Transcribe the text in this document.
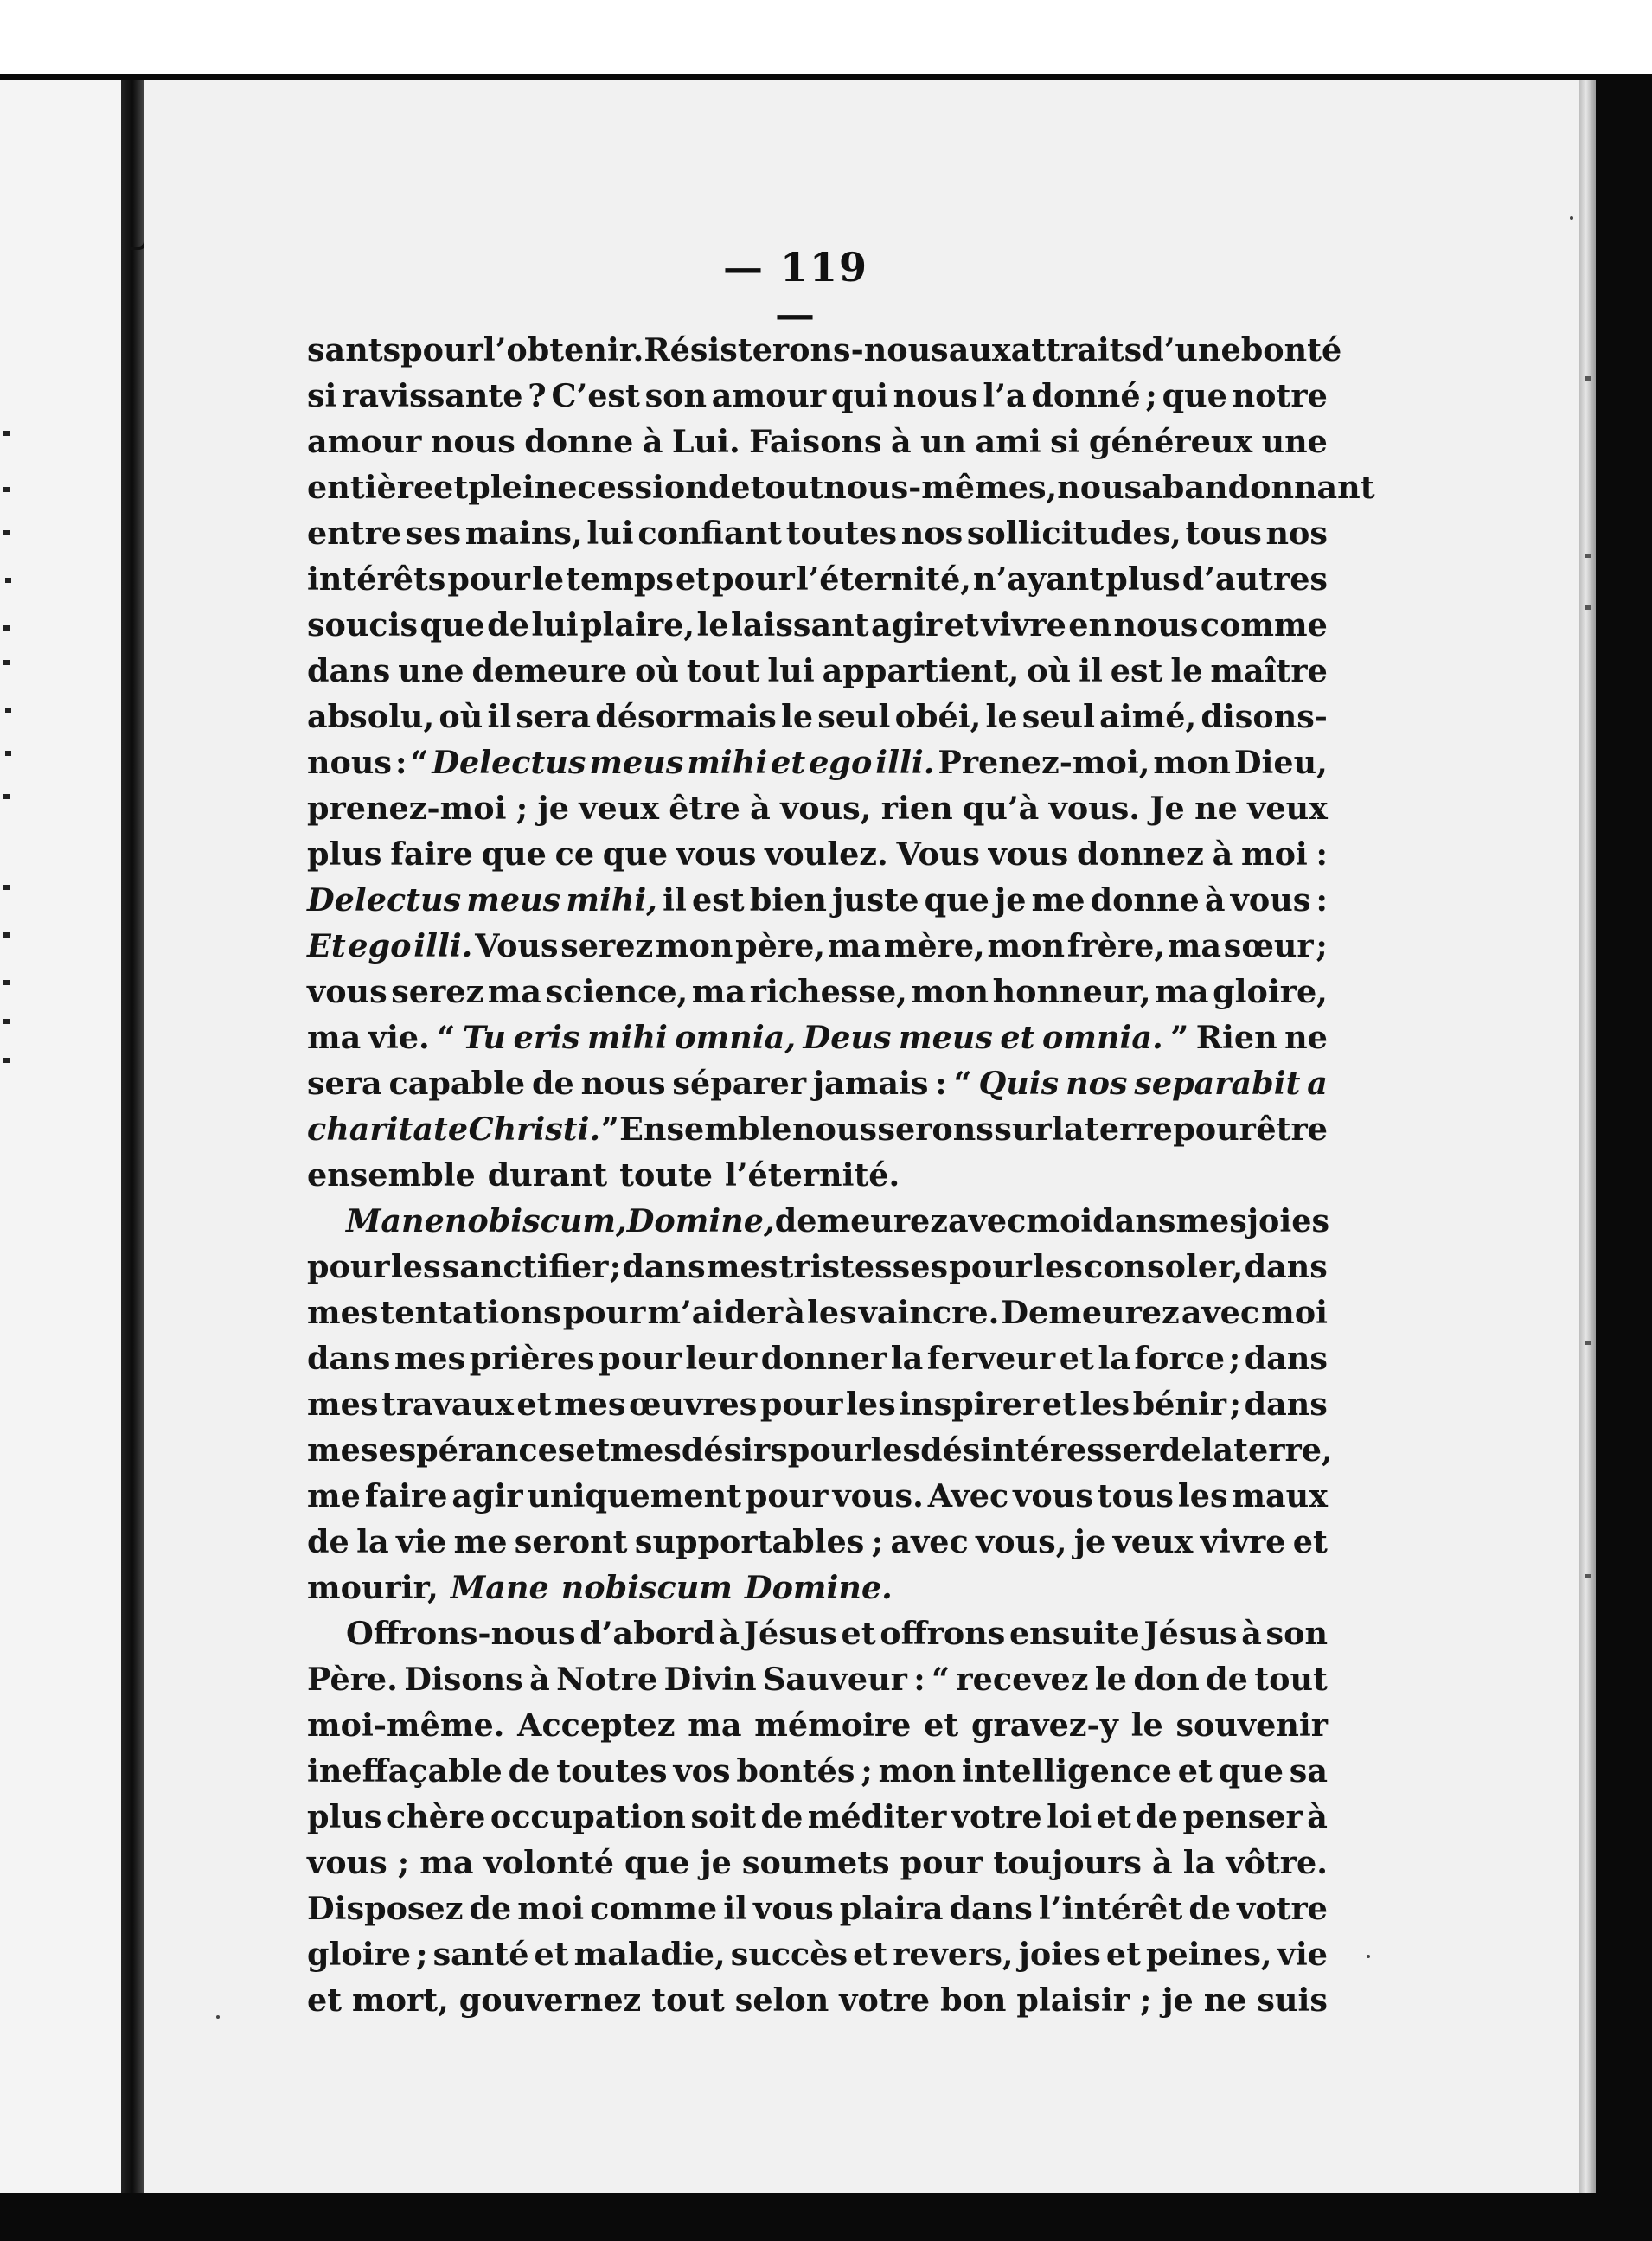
— 119 —
sants pour l’obtenir. Résisterons-nous aux attraits d’une bonté
si ravissante ? C’est son amour qui nous l’a donné ; que notre
amour nous donne à Lui. Faisons à un ami si généreux une
entière et pleine cession de tout nous-mêmes, nous abandonnant
entre ses mains, lui confiant toutes nos sollicitudes, tous nos
intérêts pour le temps et pour l’éternité, n’ayant plus d’autres
soucis que de lui plaire, le laissant agir et vivre en nous comme
dans une demeure où tout lui appartient, où il est le maître
absolu, où il sera désormais le seul obéi, le seul aimé, disons-
nous : “ Delectus meus mihi et ego illi. Prenez-moi, mon Dieu,
prenez-moi ; je veux être à vous, rien qu’à vous. Je ne veux
plus faire que ce que vous voulez. Vous vous donnez à moi :
Delectus meus mihi, il est bien juste que je me donne à vous :
Et ego illi. Vous serez mon père, ma mère, mon frère, ma sœur ;
vous serez ma science, ma richesse, mon honneur, ma gloire,
ma vie. “ Tu eris mihi omnia, Deus meus et omnia. ” Rien ne
sera capable de nous séparer jamais : “ Quis nos separabit a
charitate Christi. ” Ensemble nous serons sur la terre pour être
ensemble durant toute l’éternité.
Mane nobiscum, Domine, demeurez avec moi dans mes joies
pour les sanctifier ; dans mes tristesses pour les consoler, dans
mes tentations pour m’aider à les vaincre. Demeurez avec moi
dans mes prières pour leur donner la ferveur et la force ; dans
mes travaux et mes œuvres pour les inspirer et les bénir ; dans
mes espérances et mes désirs pour les désintéresser de la terre,
me faire agir uniquement pour vous. Avec vous tous les maux
de la vie me seront supportables ; avec vous, je veux vivre et
mourir, Mane nobiscum Domine.
Offrons-nous d’abord à Jésus et offrons ensuite Jésus à son
Père. Disons à Notre Divin Sauveur : “ recevez le don de tout
moi-même. Acceptez ma mémoire et gravez-y le souvenir
ineffaçable de toutes vos bontés ; mon intelligence et que sa
plus chère occupation soit de méditer votre loi et de penser à
vous ; ma volonté que je soumets pour toujours à la vôtre.
Disposez de moi comme il vous plaira dans l’intérêt de votre
gloire ; santé et maladie, succès et revers, joies et peines, vie
et mort, gouvernez tout selon votre bon plaisir ; je ne suis
